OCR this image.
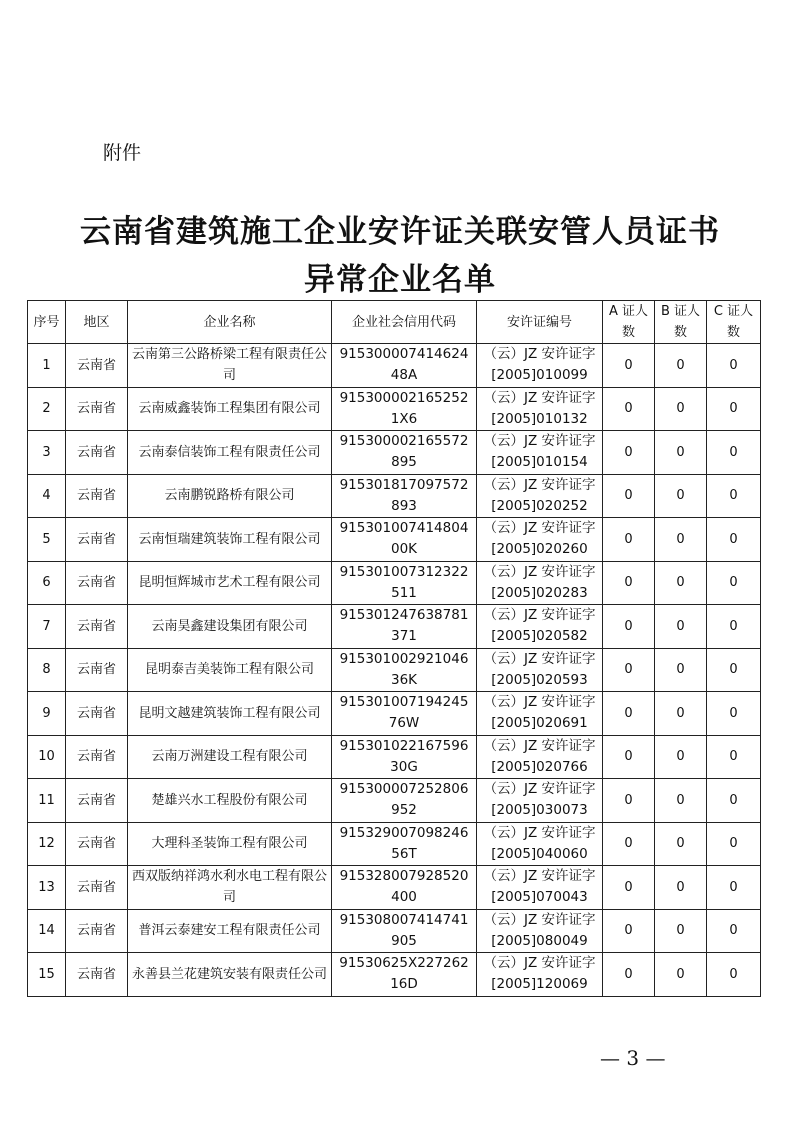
附件
云南省建筑施工企业安许证关联安管人员证书
异常企业名单
序号	地区	企业名称	企业社会信用代码	安许证编号	A 证人数	B 证人数	C 证人数
1	云南省	云南第三公路桥梁工程有限责任公司	915300007414624 48A	（云）JZ 安许证字 [2005]010099	0	0	0
2	云南省	云南威鑫装饰工程集团有限公司	915300002165252 1X6	（云）JZ 安许证字 [2005]010132	0	0	0
3	云南省	云南泰信装饰工程有限责任公司	915300002165572 895	（云）JZ 安许证字 [2005]010154	0	0	0
4	云南省	云南鹏锐路桥有限公司	915301817097572 893	（云）JZ 安许证字 [2005]020252	0	0	0
5	云南省	云南恒瑞建筑装饰工程有限公司	915301007414804 00K	（云）JZ 安许证字 [2005]020260	0	0	0
6	云南省	昆明恒辉城市艺术工程有限公司	915301007312322 511	（云）JZ 安许证字 [2005]020283	0	0	0
7	云南省	云南昊鑫建设集团有限公司	915301247638781 371	（云）JZ 安许证字 [2005]020582	0	0	0
8	云南省	昆明泰吉美装饰工程有限公司	915301002921046 36K	（云）JZ 安许证字 [2005]020593	0	0	0
9	云南省	昆明文越建筑装饰工程有限公司	915301007194245 76W	（云）JZ 安许证字 [2005]020691	0	0	0
10	云南省	云南万洲建设工程有限公司	915301022167596 30G	（云）JZ 安许证字 [2005]020766	0	0	0
11	云南省	楚雄兴水工程股份有限公司	915300007252806 952	（云）JZ 安许证字 [2005]030073	0	0	0
12	云南省	大理科圣装饰工程有限公司	915329007098246 56T	（云）JZ 安许证字 [2005]040060	0	0	0
13	云南省	西双版纳祥鸿水利水电工程有限公司	915328007928520 400	（云）JZ 安许证字 [2005]070043	0	0	0
14	云南省	普洱云泰建安工程有限责任公司	915308007414741 905	（云）JZ 安许证字 [2005]080049	0	0	0
15	云南省	永善县兰花建筑安装有限责任公司	91530625X227262 16D	（云）JZ 安许证字 [2005]120069	0	0	0
— 3 —
